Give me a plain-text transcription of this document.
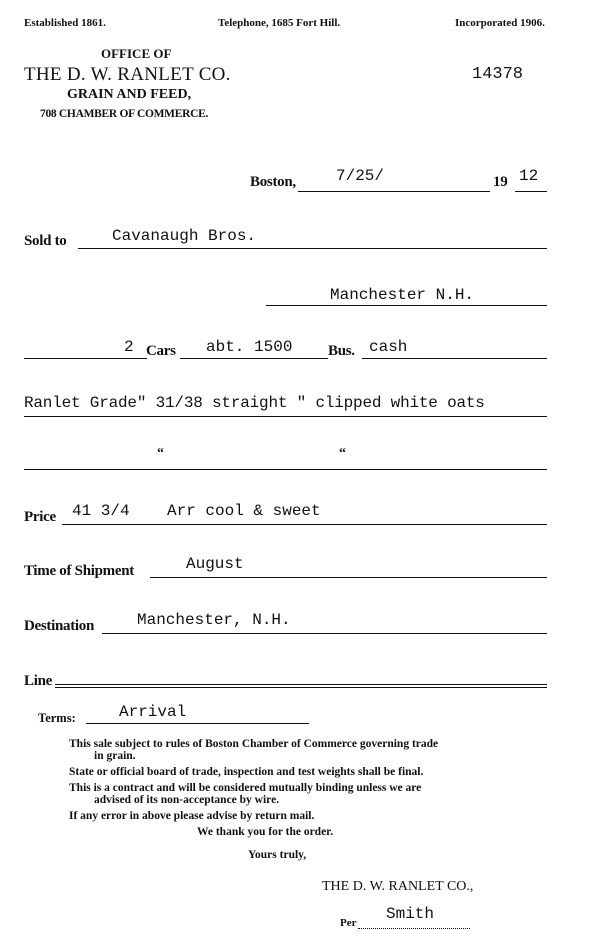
Established 1861.	Telephone, 1685 Fort Hill.	Incorporated 1906.
OFFICE OF
THE D. W. RANLET CO.
GRAIN AND FEED,
708 CHAMBER OF COMMERCE.
14378
Boston,	7/25/	19 12
Sold to	Cavanaugh Bros.
Manchester N.H.
2 Cars abt. 1500 Bus. cash
Ranlet Grade" 31/38 straight " clipped white oats
“	“
Price 41 3/4 Arr cool & sweet
Time of Shipment	August
Destination	Manchester, N.H.
Line
Terms:	Arrival
This sale subject to rules of Boston Chamber of Commerce governing trade
in grain.
State or official board of trade, inspection and test weights shall be final.
This is a contract and will be considered mutually binding unless we are
advised of its non-acceptance by wire.
If any error in above please advise by return mail.
We thank you for the order.
Yours truly,
THE D. W. RANLET CO.,
Per Smith
